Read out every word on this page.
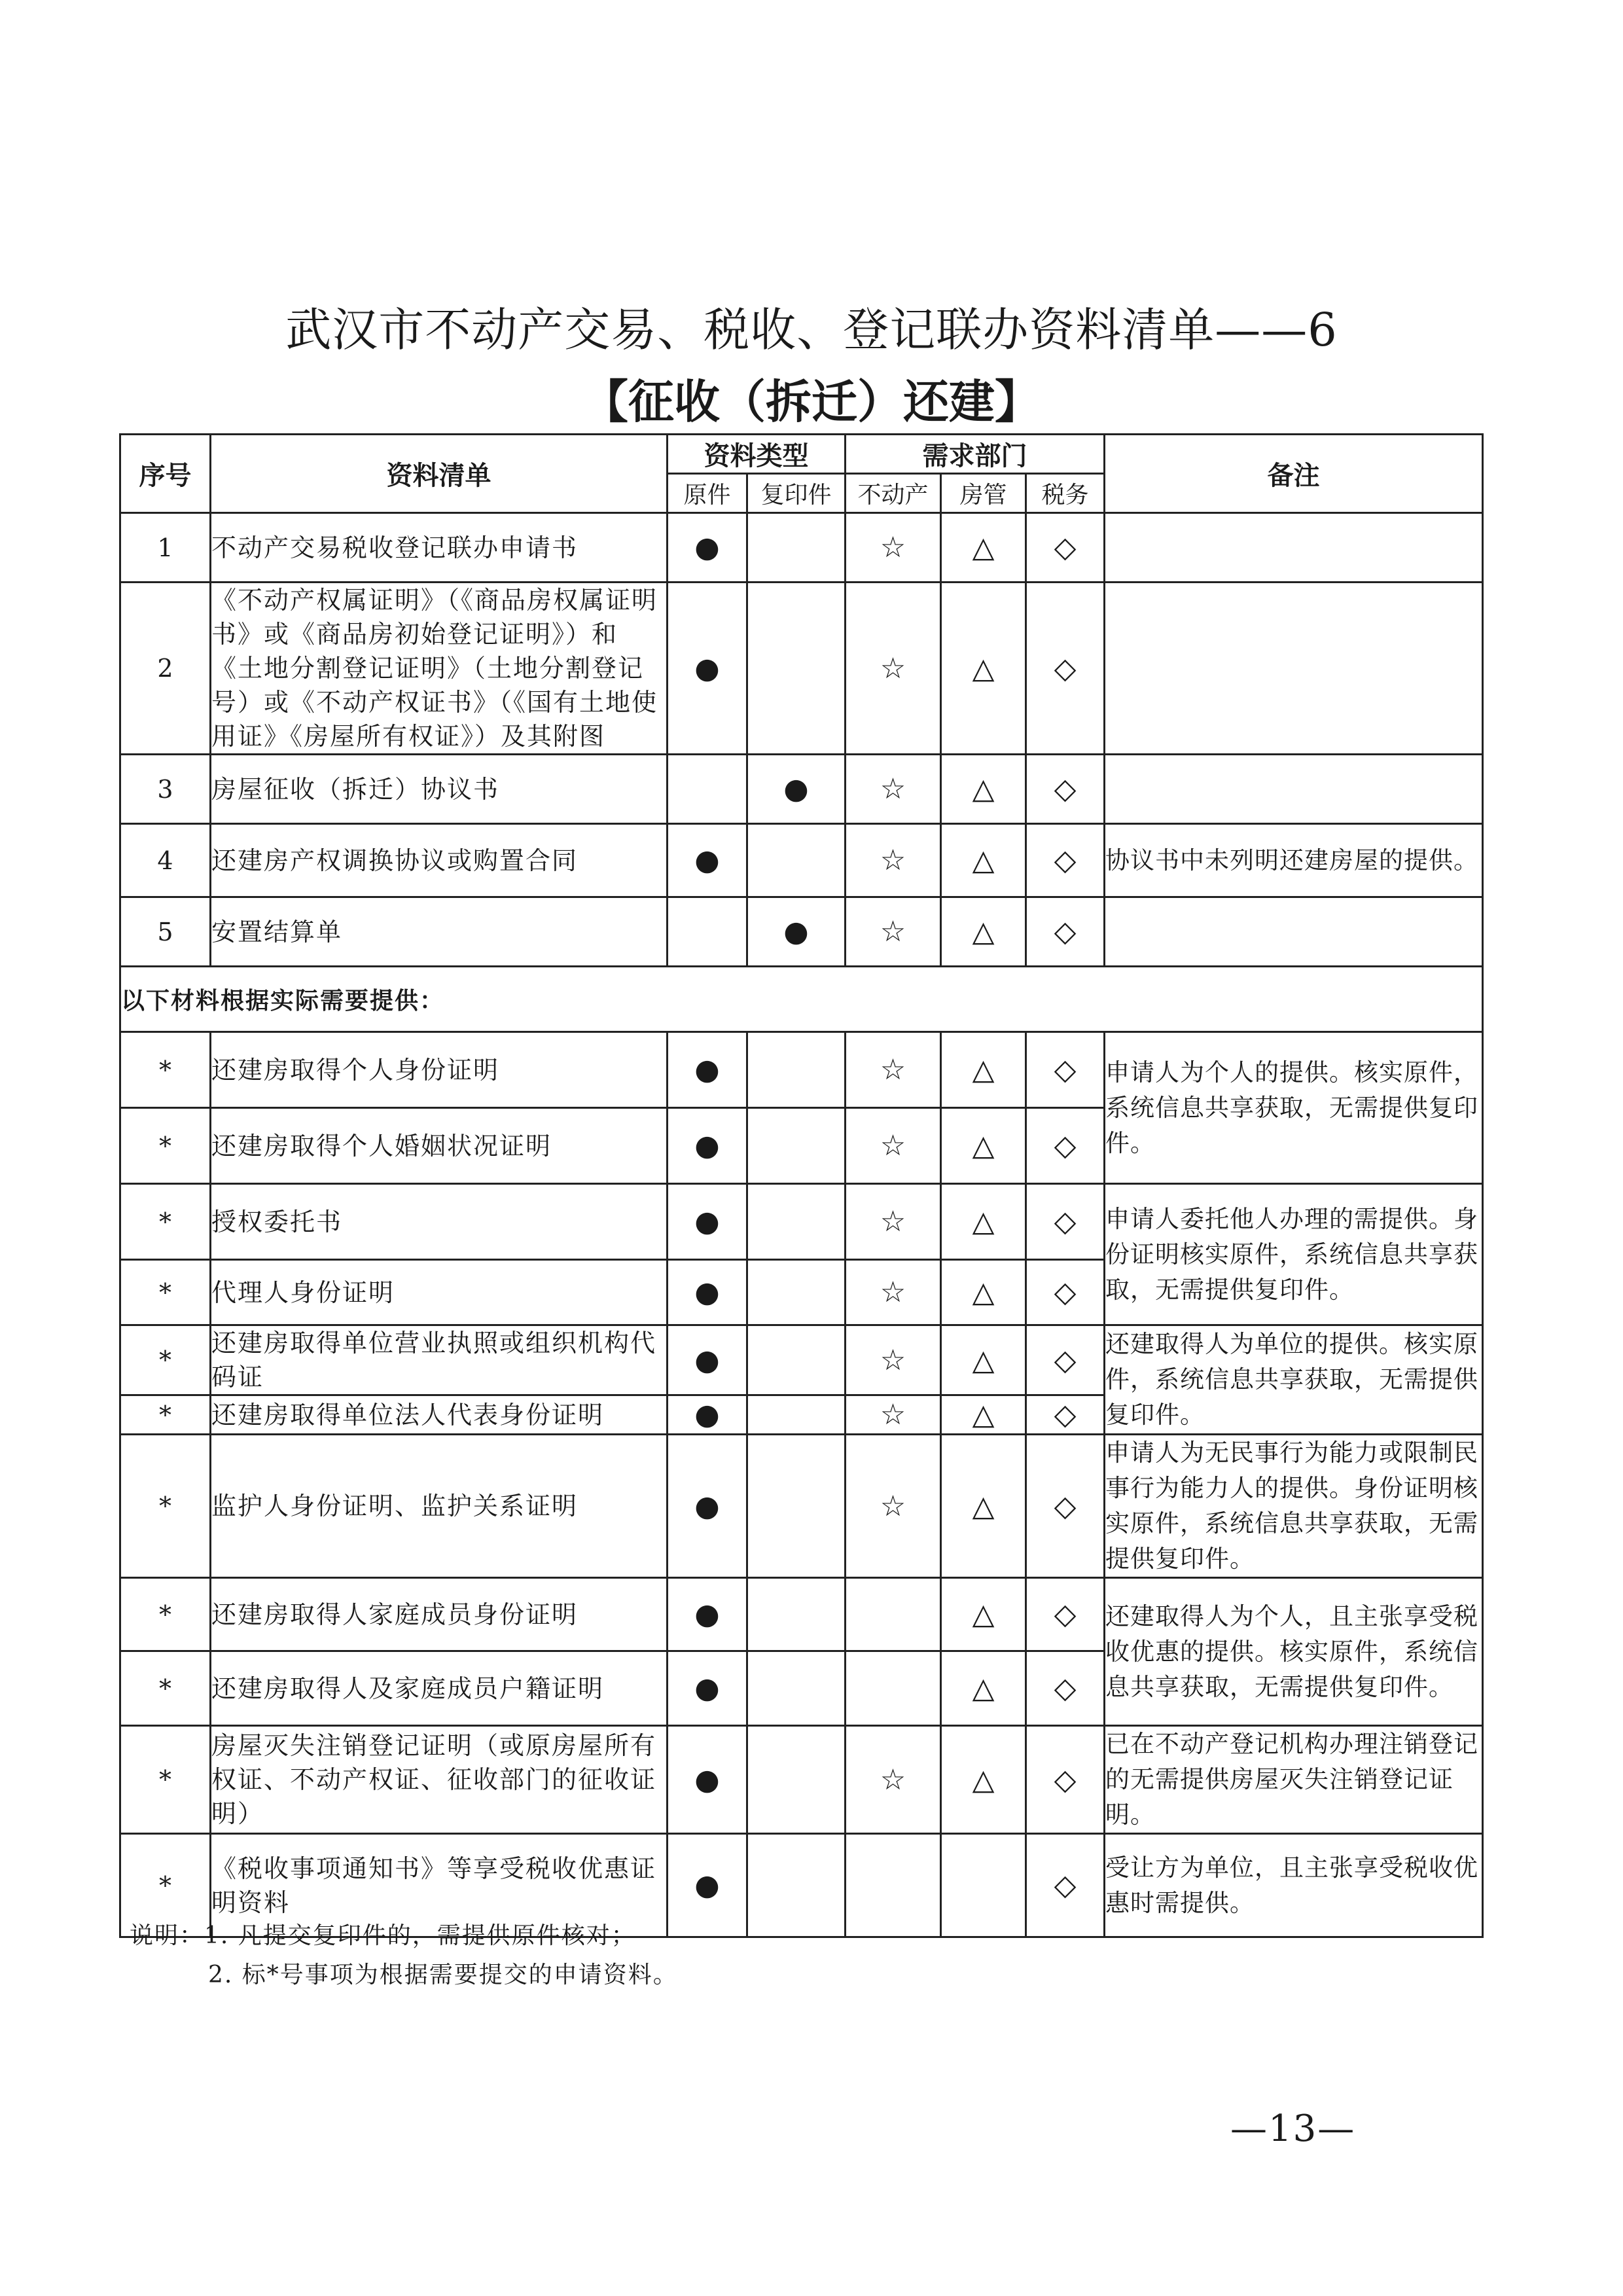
武汉市不动产交易、税收、登记联办资料清单——6
【征收（拆迁）还建】
序号	资料清单	资料类型		需求部门			备注
		原件	复印件	不动产	房管	税务	
1	不动产交易税收登记联办申请书	●		☆	△	◇	
2	《不动产权属证明》（《商品房权属证明书》或《商品房初始登记证明》）和《土地分割登记证明》（土地分割登记号）或《不动产权证书》（《国有土地使用证》《房屋所有权证》）及其附图	●		☆	△	◇	
3	房屋征收（拆迁）协议书		●	☆	△	◇	
4	还建房产权调换协议或购置合同	●		☆	△	◇	协议书中未列明还建房屋的提供。
5	安置结算单		●	☆	△	◇	
以下材料根据实际需要提供：							
*	还建房取得个人身份证明	●		☆	△	◇	申请人为个人的提供。核实原件，系统信息共享获取，无需提供复印件。
*	还建房取得个人婚姻状况证明	●		☆	△	◇	
*	授权委托书	●		☆	△	◇	申请人委托他人办理的需提供。身份证明核实原件，系统信息共享获取，无需提供复印件。
*	代理人身份证明	●		☆	△	◇	
*	还建房取得单位营业执照或组织机构代码证	●		☆	△	◇	还建取得人为单位的提供。核实原件，系统信息共享获取，无需提供复印件。
*	还建房取得单位法人代表身份证明	●		☆	△	◇	
*	监护人身份证明、监护关系证明	●		☆	△	◇	申请人为无民事行为能力或限制民事行为能力人的提供。身份证明核实原件，系统信息共享获取，无需提供复印件。
*	还建房取得人家庭成员身份证明	●			△	◇	还建取得人为个人，且主张享受税收优惠的提供。核实原件，系统信息共享获取，无需提供复印件。
*	还建房取得人及家庭成员户籍证明	●			△	◇	
*	房屋灭失注销登记证明（或原房屋所有权证、不动产权证、征收部门的征收证明）	●		☆	△	◇	已在不动产登记机构办理注销登记的无需提供房屋灭失注销登记证明。
*	《税收事项通知书》等享受税收优惠证明资料	●				◇	受让方为单位，且主张享受税收优惠时需提供。
说明：1. 凡提交复印件的，需提供原件核对；
2. 标*号事项为根据需要提交的申请资料。
—13—
